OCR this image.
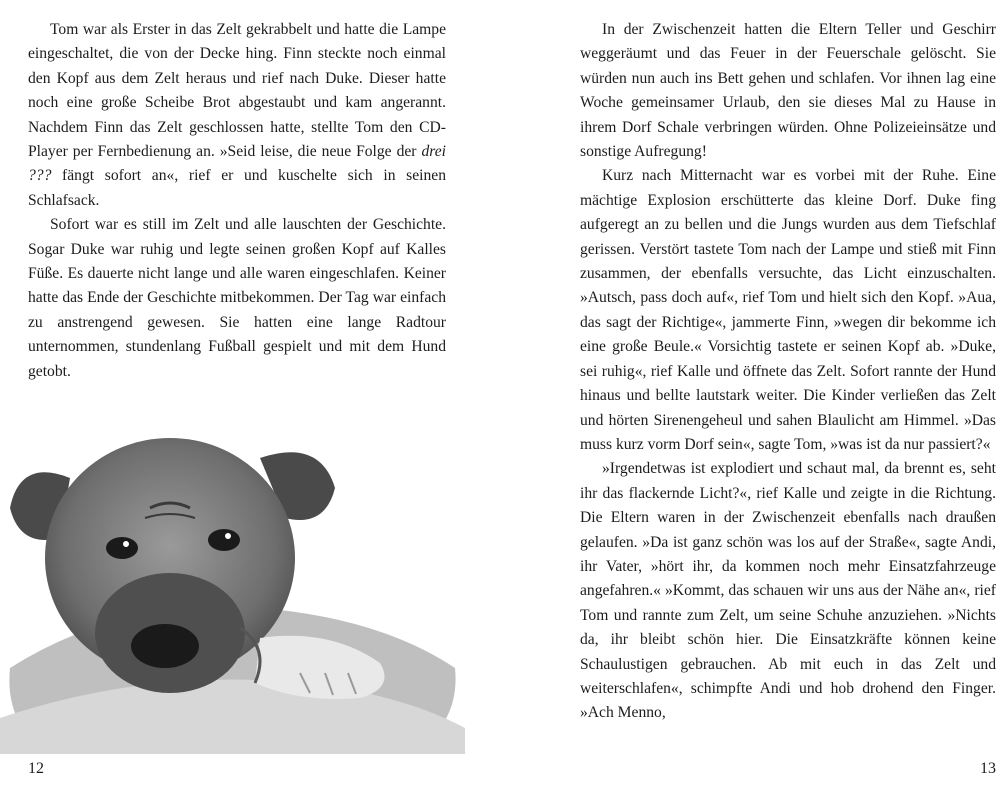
Tom war als Erster in das Zelt gekrabbelt und hatte die Lampe eingeschaltet, die von der Decke hing. Finn steckte noch einmal den Kopf aus dem Zelt heraus und rief nach Duke. Dieser hatte noch eine große Scheibe Brot abgestaubt und kam angerannt. Nachdem Finn das Zelt geschlossen hatte, stellte Tom den CD-Player per Fernbedienung an. »Seid leise, die neue Folge der drei ??? fängt sofort an«, rief er und kuschelte sich in seinen Schlafsack.

Sofort war es still im Zelt und alle lauschten der Geschichte. Sogar Duke war ruhig und legte seinen großen Kopf auf Kalles Füße. Es dauerte nicht lange und alle waren eingeschlafen. Keiner hatte das Ende der Geschichte mitbekommen. Der Tag war einfach zu anstrengend gewesen. Sie hatten eine lange Radtour unternommen, stundenlang Fußball gespielt und mit dem Hund getobt.

12

In der Zwischenzeit hatten die Eltern Teller und Geschirr weggeräumt und das Feuer in der Feuerschale gelöscht. Sie würden nun auch ins Bett gehen und schlafen. Vor ihnen lag eine Woche gemeinsamer Urlaub, den sie dieses Mal zu Hause in ihrem Dorf Schale verbringen würden. Ohne Polizeieinsätze und sonstige Aufregung!

Kurz nach Mitternacht war es vorbei mit der Ruhe. Eine mächtige Explosion erschütterte das kleine Dorf. Duke fing aufgeregt an zu bellen und die Jungs wurden aus dem Tiefschlaf gerissen. Verstört tastete Tom nach der Lampe und stieß mit Finn zusammen, der ebenfalls versuchte, das Licht einzuschalten. »Autsch, pass doch auf«, rief Tom und hielt sich den Kopf. »Aua, das sagt der Richtige«, jammerte Finn, »wegen dir bekomme ich eine große Beule.« Vorsichtig tastete er seinen Kopf ab. »Duke, sei ruhig«, rief Kalle und öffnete das Zelt. Sofort rannte der Hund hinaus und bellte lautstark weiter. Die Kinder verließen das Zelt und hörten Sirenengeheul und sahen Blaulicht am Himmel. »Das muss kurz vorm Dorf sein«, sagte Tom, »was ist da nur passiert?«

»Irgendetwas ist explodiert und schaut mal, da brennt es, seht ihr das flackernde Licht?«, rief Kalle und zeigte in die Richtung. Die Eltern waren in der Zwischenzeit ebenfalls nach draußen gelaufen. »Da ist ganz schön was los auf der Straße«, sagte Andi, ihr Vater, »hört ihr, da kommen noch mehr Einsatzfahrzeuge angefahren.« »Kommt, das schauen wir uns aus der Nähe an«, rief Tom und rannte zum Zelt, um seine Schuhe anzuziehen. »Nichts da, ihr bleibt schön hier. Die Einsatzkräfte können keine Schaulustigen gebrauchen. Ab mit euch in das Zelt und weiterschlafen«, schimpfte Andi und hob drohend den Finger. »Ach Menno,

13
